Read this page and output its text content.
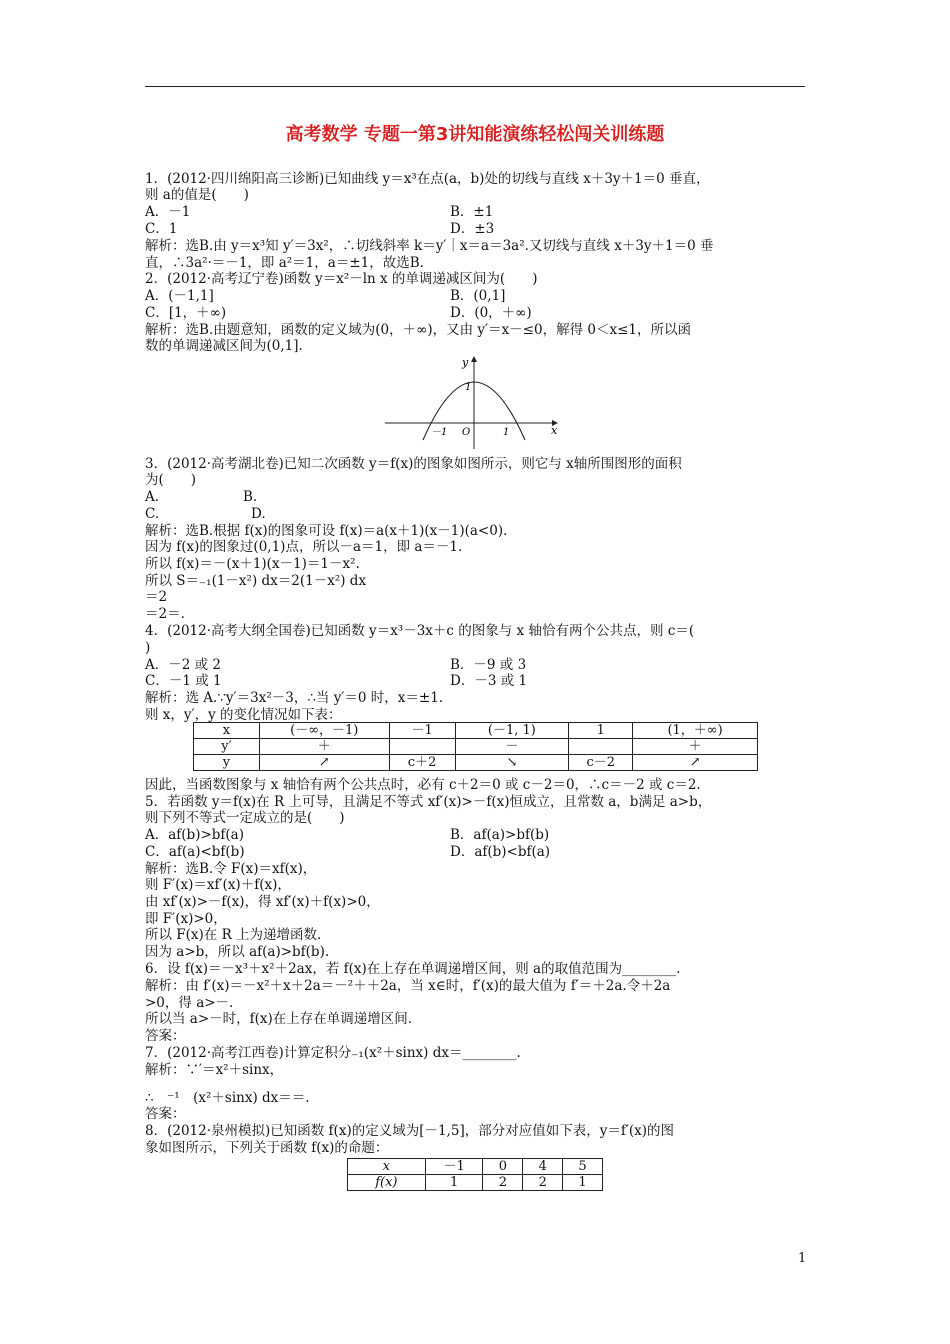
高考数学 专题一第3讲知能演练轻松闯关训练题
1．(2012·四川绵阳高三诊断)已知曲线 y＝x³在点(a，b)处的切线与直线 x＋3y＋1＝0 垂直，
则 a的值是(　　)
A．－1	B．±1
C．1	D．±3
解析：选B.由 y＝x³知 y′＝3x²，∴切线斜率 k＝y′｜x＝a＝3a².又切线与直线 x＋3y＋1＝0 垂
直，∴3a²·＝－1，即 a²＝1，a＝±1，故选B.
2．(2012·高考辽宁卷)函数 y＝x²－ln x 的单调递减区间为(　　)
A．(－1,1]	B．(0,1]
C．[1，＋∞)	D．(0，＋∞)
解析：选B.由题意知，函数的定义域为(0，＋∞)，又由 y′＝x－≤0，解得 0＜x≤1，所以函
数的单调递减区间为(0,1].
y
x
1
－1 O	1
3．(2012·高考湖北卷)已知二次函数 y＝f(x)的图象如图所示，则它与 x轴所围图形的面积
为(　　)
A.	B.
C.	D.
解析：选B.根据 f(x)的图象可设 f(x)＝a(x＋1)(x－1)(a<0).
因为 f(x)的图象过(0,1)点，所以－a＝1，即 a＝－1.
所以 f(x)＝－(x＋1)(x－1)＝1－x².
所以 S＝₋₁(1－x²) dx＝2(1－x²) dx
＝2
＝2＝.
4．(2012·高考大纲全国卷)已知函数 y＝x³－3x＋c 的图象与 x 轴恰有两个公共点，则 c＝(
)
A．－2 或 2	B．－9 或 3
C．－1 或 1	D．－3 或 1
解析：选 A.∵y′＝3x²－3，∴当 y′＝0 时，x＝±1.
则 x，y′，y 的变化情况如下表：
x	(－∞，－1)	－1	(－1, 1)	1	(1，＋∞)
y′	＋		－		＋
y	↗	c＋2	↘	c－2	↗
因此，当函数图象与 x 轴恰有两个公共点时，必有 c＋2＝0 或 c－2＝0，∴c＝－2 或 c＝2.
5．若函数 y＝f(x)在 R 上可导，且满足不等式 xf′(x)>－f(x)恒成立，且常数 a，b满足 a>b，
则下列不等式一定成立的是(　　)
A．af(b)>bf(a)	B．af(a)>bf(b)
C．af(a)<bf(b)	D．af(b)<bf(a)
解析：选B.令 F(x)＝xf(x)，
则 F′(x)＝xf′(x)＋f(x)，
由 xf′(x)>－f(x)，得 xf′(x)＋f(x)>0，
即 F′(x)>0，
所以 F(x)在 R 上为递增函数.
因为 a>b，所以 af(a)>bf(b).
6．设 f(x)＝－x³＋x²＋2ax，若 f(x)在上存在单调递增区间，则 a的取值范围为________.
解析：由 f′(x)＝－x²＋x＋2a＝－²＋＋2a，当 x∈时，f′(x)的最大值为 f′＝＋2a.令＋2a
>0，得 a>－.
所以当 a>－时，f(x)在上存在单调递增区间.
答案：
7．(2012·高考江西卷)计算定积分₋₁(x²＋sinx) dx＝________.
解析：∵′＝x²＋sinx，
∴　⁻¹　(x²＋sinx) dx＝＝.
答案：
8．(2012·泉州模拟)已知函数 f(x)的定义域为[－1,5]，部分对应值如下表，y＝f′(x)的图
象如图所示，下列关于函数 f(x)的命题：
x	－1	0	4	5
f(x)	1	2	2	1
1
